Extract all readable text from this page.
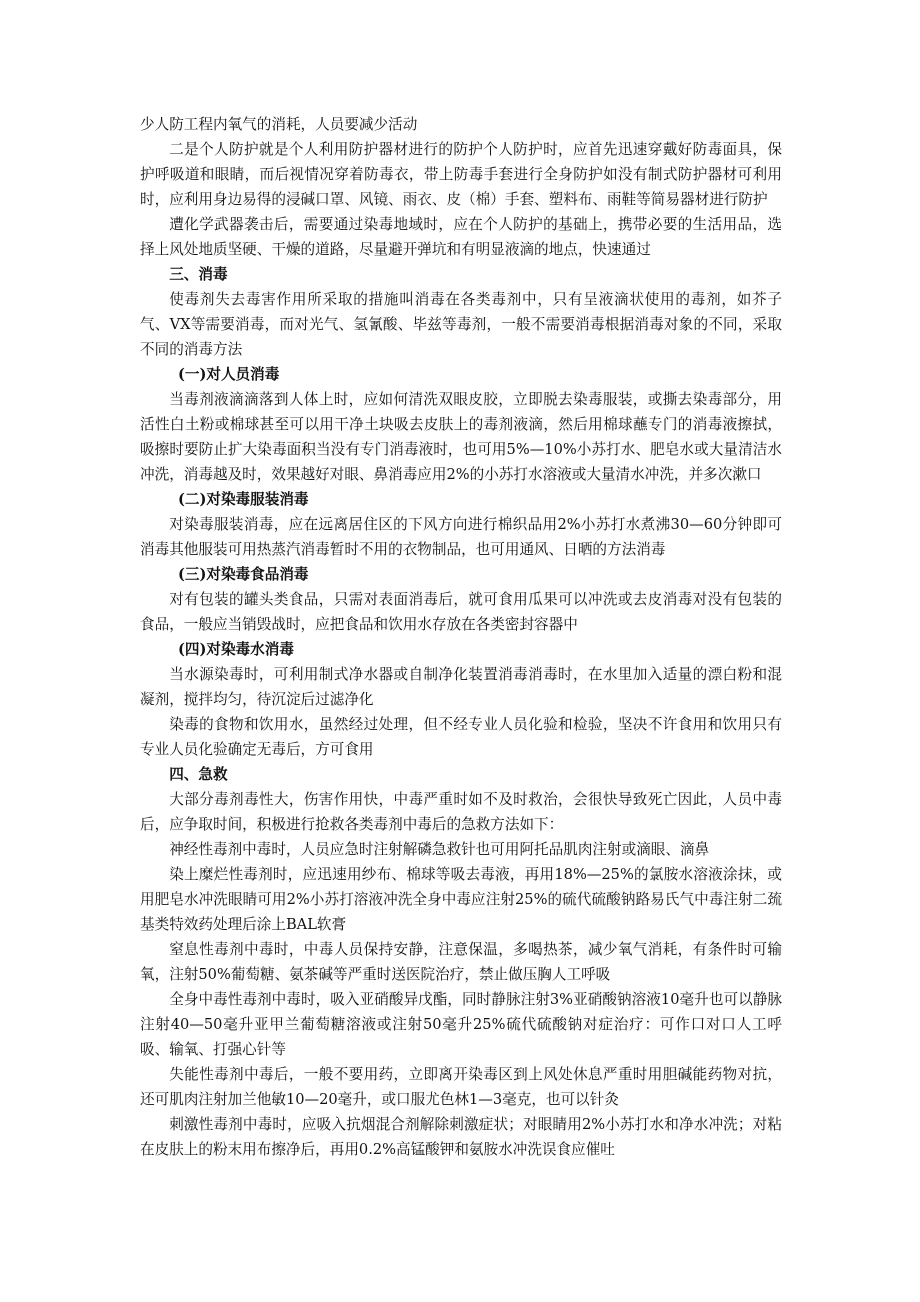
少人防工程内氧气的消耗，人员要减少活动

二是个人防护就是个人利用防护器材进行的防护个人防护时，应首先迅速穿戴好防毒面具，保护呼吸道和眼睛，而后视情况穿着防毒衣，带上防毒手套进行全身防护如没有制式防护器材可利用时，应利用身边易得的浸碱口罩、风镜、雨衣、皮（棉）手套、塑料布、雨鞋等简易器材进行防护

遭化学武器袭击后，需要通过染毒地域时，应在个人防护的基础上，携带必要的生活用品，选择上风处地质坚硬、干燥的道路，尽量避开弹坑和有明显液滴的地点，快速通过

三、消毒

使毒剂失去毒害作用所采取的措施叫消毒在各类毒剂中，只有呈液滴状使用的毒剂，如芥子气、VX等需要消毒，而对光气、氢氰酸、毕兹等毒剂，一般不需要消毒根据消毒对象的不同，采取不同的消毒方法

(一)对人员消毒

当毒剂液滴滴落到人体上时，应如何清洗双眼皮胶，立即脱去染毒服装，或撕去染毒部分，用活性白土粉或棉球甚至可以用干净土块吸去皮肤上的毒剂液滴，然后用棉球蘸专门的消毒液擦拭，吸擦时要防止扩大染毒面积当没有专门消毒液时，也可用5%—10%小苏打水、肥皂水或大量清洁水冲洗，消毒越及时，效果越好对眼、鼻消毒应用2%的小苏打水溶液或大量清水冲洗，并多次漱口

(二)对染毒服装消毒

对染毒服装消毒，应在远离居住区的下风方向进行棉织品用2%小苏打水煮沸30—60分钟即可消毒其他服装可用热蒸汽消毒暂时不用的衣物制品，也可用通风、日晒的方法消毒

(三)对染毒食品消毒

对有包装的罐头类食品，只需对表面消毒后，就可食用瓜果可以冲洗或去皮消毒对没有包装的食品，一般应当销毁战时，应把食品和饮用水存放在各类密封容器中

(四)对染毒水消毒

当水源染毒时，可利用制式净水器或自制净化装置消毒消毒时，在水里加入适量的漂白粉和混凝剂，搅拌均匀，待沉淀后过滤净化

染毒的食物和饮用水，虽然经过处理，但不经专业人员化验和检验，坚决不许食用和饮用只有专业人员化验确定无毒后，方可食用

四、急救

大部分毒剂毒性大，伤害作用快，中毒严重时如不及时救治，会很快导致死亡因此，人员中毒后，应争取时间，积极进行抢救各类毒剂中毒后的急救方法如下：

神经性毒剂中毒时，人员应急时注射解磷急救针也可用阿托品肌肉注射或滴眼、滴鼻

染上糜烂性毒剂时，应迅速用纱布、棉球等吸去毒液，再用18%—25%的氯胺水溶液涂抹，或用肥皂水冲洗眼睛可用2%小苏打溶液冲洗全身中毒应注射25%的硫代硫酸钠路易氏气中毒注射二巯基类特效药处理后涂上BAL软膏

窒息性毒剂中毒时，中毒人员保持安静，注意保温，多喝热茶，减少氧气消耗，有条件时可输氧，注射50%葡萄糖、氨茶碱等严重时送医院治疗，禁止做压胸人工呼吸

全身中毒性毒剂中毒时，吸入亚硝酸异戊酯，同时静脉注射3%亚硝酸钠溶液10毫升也可以静脉注射40—50毫升亚甲兰葡萄糖溶液或注射50毫升25%硫代硫酸钠对症治疗：可作口对口人工呼吸、输氧、打强心针等

失能性毒剂中毒后，一般不要用药，立即离开染毒区到上风处休息严重时用胆碱能药物对抗，还可肌肉注射加兰他敏10—20毫升，或口服尤色林1—3毫克，也可以针灸

刺激性毒剂中毒时，应吸入抗烟混合剂解除刺激症状；对眼睛用2%小苏打水和净水冲洗；对粘在皮肤上的粉末用布擦净后，再用0.2%高锰酸钾和氨胺水冲洗误食应催吐
